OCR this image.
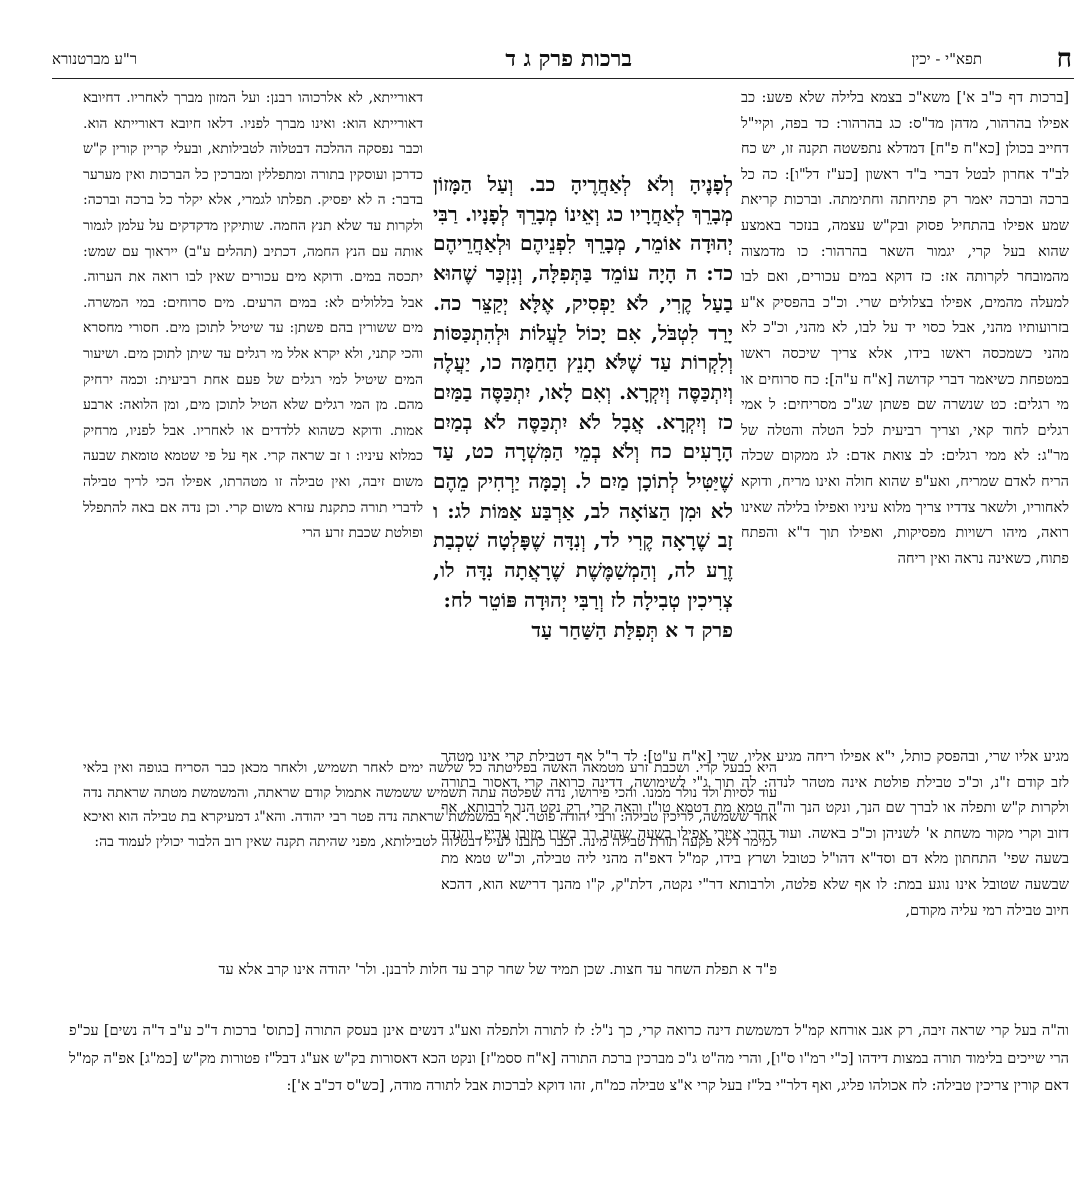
ח
תפא"י - יכין
ברכות פרק ג ד
ר"ע מברטנורא
[ברכות דף כ"ב א'] משא"כ בצמא בלילה שלא פשע: כב אפילו בהרהור, מדהן מד"ס: כג בהרהור: כד בפה, וקיי"ל דחייב בכולן [כא"ח פ"ח] דמדלא נתפשטה תקנה זו, יש כח לב"ד אחרון לבטל דברי ב"ד ראשון [כע"ז דל"ו]: כה כל ברכה וברכה יאמר רק פתיחתה וחתימתה. וברכות קריאת שמע אפילו בהתחיל פסוק ובק"ש עצמה, בנזכר באמצע שהוא בעל קרי, יגמור השאר בהרהור: כו מדמצוה מהמובחר לקרותה אז: כז דוקא במים עכורים, ואם לבו למעלה מהמים, אפילו בצלולים שרי. וכ"כ בהפסיק א"ע בזרועותיו מהני, אבל כסוי יד על לבו, לא מהני, וכ"כ לא מהני כשמכסה ראשו בידו, אלא צריך שיכסה ראשו במטפחת כשיאמר דברי קדושה [א"ח ע"ה]: כח סרוחים או מי רגלים: כט שנשרה שם פשתן שג"כ מסריחים: ל אמי רגלים לחוד קאי, וצריך רביעית לכל הטלה והטלה של מר"ג: לא ממי רגלים: לב צואת אדם: לג ממקום שכלה הריח לאדם שמריח, ואע"פ שהוא חולה ואינו מריח, ודוקא לאחוריו, ולשאר צדדיו צריך מלוא עיניו ואפילו בלילה שאינו רואה, מיהו רשויות מפסיקות, ואפילו תוך ד"א והפתח פתוח, כשאינה נראה ואין ריחה
לְפָנֶיהָ וְלֹא לְאַחֲרֶיהָ כב. וְעַל הַמָּזוֹן מְבָרֵךְ לְאַחֲרָיו כג וְאֵינוֹ מְבָרֵךְ לְפָנָיו. רַבִּי יְהוּדָה אוֹמֵר, מְבָרֵךְ לִפְנֵיהֶם וּלְאַחֲרֵיהֶם כד: ה הָיָה עוֹמֵד בַּתְּפִלָּה, וְנִזְכַּר שֶׁהוּא בַעַל קֶרִי, לֹא יַפְסִיק, אֶלָּא יְקַצֵּר כה. יָרַד לִטְבֹּל, אִם יָכוֹל לַעֲלוֹת וּלְהִתְכַּסּוֹת וְלִקְרוֹת עַד שֶׁלֹּא תָנֵץ הַחַמָּה כו, יַעֲלֶה וְיִתְכַּסֶּה וְיִקְרָא. וְאִם לָאו, יִתְכַּסֶּה בַמַּיִם כז וְיִקְרָא. אֲבָל לֹא יִתְכַּסֶּה לֹא בְמַיִם הָרָעִים כח וְלֹא בְמֵי הַמִּשְׁרָה כט, עַד שֶׁיַּטִּיל לְתוֹכָן מַיִם ל. וְכַמָּה יַרְחִיק מֵהֶם לא וּמִן הַצּוֹאָה לב, אַרְבַּע אַמּוֹת לג: ו זָב שֶׁרָאָה קֶרִי לד, וְנִדָּה שֶׁפָּלְטָה שִׁכְבַת זֶרַע לה, וְהַמְשַׁמֶּשֶׁת שֶׁרָאֲתָה נִדָּה לו, צְרִיכִין טְבִילָה לז וְרַבִּי יְהוּדָה פּוֹטֵר לח:
פרק ד א תְּפִלַּת הַשַּׁחַר עַד
דאורייתא, לא אלרכוהו רבנן: ועל המזון מברך לאחריו. דחיובא דאורייתא הוא: ואינו מברך לפניו. דלאו חיובא דאורייתא הוא. וכבר נפסקה ההלכה דבטלוה לטבילותא, ובעלי קריין קורין ק"ש כדרכן ועוסקין בתורה ומתפללין ומברכין כל הברכות ואין מערער בדבר: ה לא יפסיק. תפלתו לגמרי, אלא יקלר כל ברכה וברכה: ולקרות עד שלא תנץ החמה. שותיקין מדקדקים על עלמן לגמור אותה עם הנץ החמה, דכתיב (תהלים ע"ב) ייראוך עם שמש: יתכסה במים. ודוקא מים עכורים שאין לבו רואה את הערוה. אבל בללולים לא: במים הרעים. מים סרוחים: במי המשרה. מים ששורין בהם פשתן: עד שיטיל לתוכן מים. חסורי מחסרא והכי קתני, ולא יקרא אלל מי רגלים עד שיתן לתוכן מים. ושיעור המים שיטיל למי רגלים של פעם אחת רביעית: וכמה ירחיק מהם. מן המי רגלים שלא הטיל לתוכן מים, ומן הלואה: ארבע אמות. ודוקא כשהוא ללדדים או לאחריו. אבל לפניו, מרחיק כמלוא עיניו: ו זב שראה קרי. אף על פי שטמא טומאת שבעה משום זיבה, ואין טבילה זו מטהרתו, אפילו הכי לריך טבילה לדברי תורה כתקנת עזרא משום קרי. וכן נדה אם באה להתפלל ופולטת שכבת זרע הרי
מגיע אליו שרי, ובהפסק כותל, י"א אפילו ריחה מגיע אליו, שרי [א"ח ע"ט]: לד ר"ל אף דטבילת קרי אינו מטהר לזב קודם ז"נ, וכ"כ טבילת פולטת אינה מטהר לנדה: לה תוך ג"י לשימושה, דדינה כרואה קרי דאסור בתורה ולקרות ק"ש ותפלה או לברך שם הנך, ונקט הנך וה"ה טמא מת דטמא טו"ז וראה קרי, רק נקט הנך לרבותא, אף דזוב וקרי מקור משחת א' לשניהן וכ"כ באשה. ועוד דהרי איירי אפילו בשעה שהזב רר בשרו מזובו עדיין, והנדה בשעה שפי' התחתון מלא דם וסד"א דהו"ל כטובל ושרץ בידו, קמ"ל דאפ"ה מהני ליה טבילה, וכ"ש טמא מת שבשעה שטובל אינו נוגע במת: לו אף שלא פלטה, ולרבותא דר"י נקטה, דלת"ק, ק"ו מהנך דרישא הוא, דהכא חיוב טבילה רמי עליה מקודם,
היא כבעל קרי. ושכבת זרע מטמאה האשה בפליטתה כל שלשה ימים לאחר תשמיש, ולאחר מכאן כבר הסריח בגופה ואין בלאי עוד לסיות ולד נולר ממנו. והכי פירושו, נדה שפלטה עתה תשמיש ששמשה אתמול קודם שראתה, והמשמשת מטתה שראתה נדה אחר ששמשה, לריכין טבילה: ורבי יהודה פוטר. אף במשמשת שראתה נדה פטר רבי יהודה. והא"ג דמעיקרא בת טבילה הוא ואיכא למימר דלא פקעה תורת טבילה מינה. וכבר כתבנו לעיל דבטלוה לטבילותא, מפני שהיתה תקנה שאין רוב הלבור יכולין לעמוד בה:
פ"ד א תפלת השחר עד חצות. שכן תמיד של שחר קרב עד חלות לרבנן. ולר' יהודה אינו קרב אלא עד
וה"ה בעל קרי שראה זיבה, רק אגב אורחא קמ"ל דמשמשת דינה כרואה קרי, כך נ"ל: לז לתורה ולתפלה ואע"ג דנשים אינן בעסק התורה [כתוס' ברכות ד"כ ע"ב ד"ה נשים] עכ"פ הרי שייכים בלימוד תורה במצות דידהו [כ"י רמ"ו ס"ו], והרי מה"ט ג"כ מברכין ברכת התורה [א"ח ססמ"ז] ונקט הכא דאסורות בק"ש אע"ג דבל"ז פטורות מק"ש [כמ"ג] אפ"ה קמ"ל דאם קורין צריכין טבילה: לח אכולהו פליג, ואף דלר"י בל"ז בעל קרי א"צ טבילה כמ"ח, זהו דוקא לברכות אבל לתורה מודה, [כש"ס דכ"ב א']:
